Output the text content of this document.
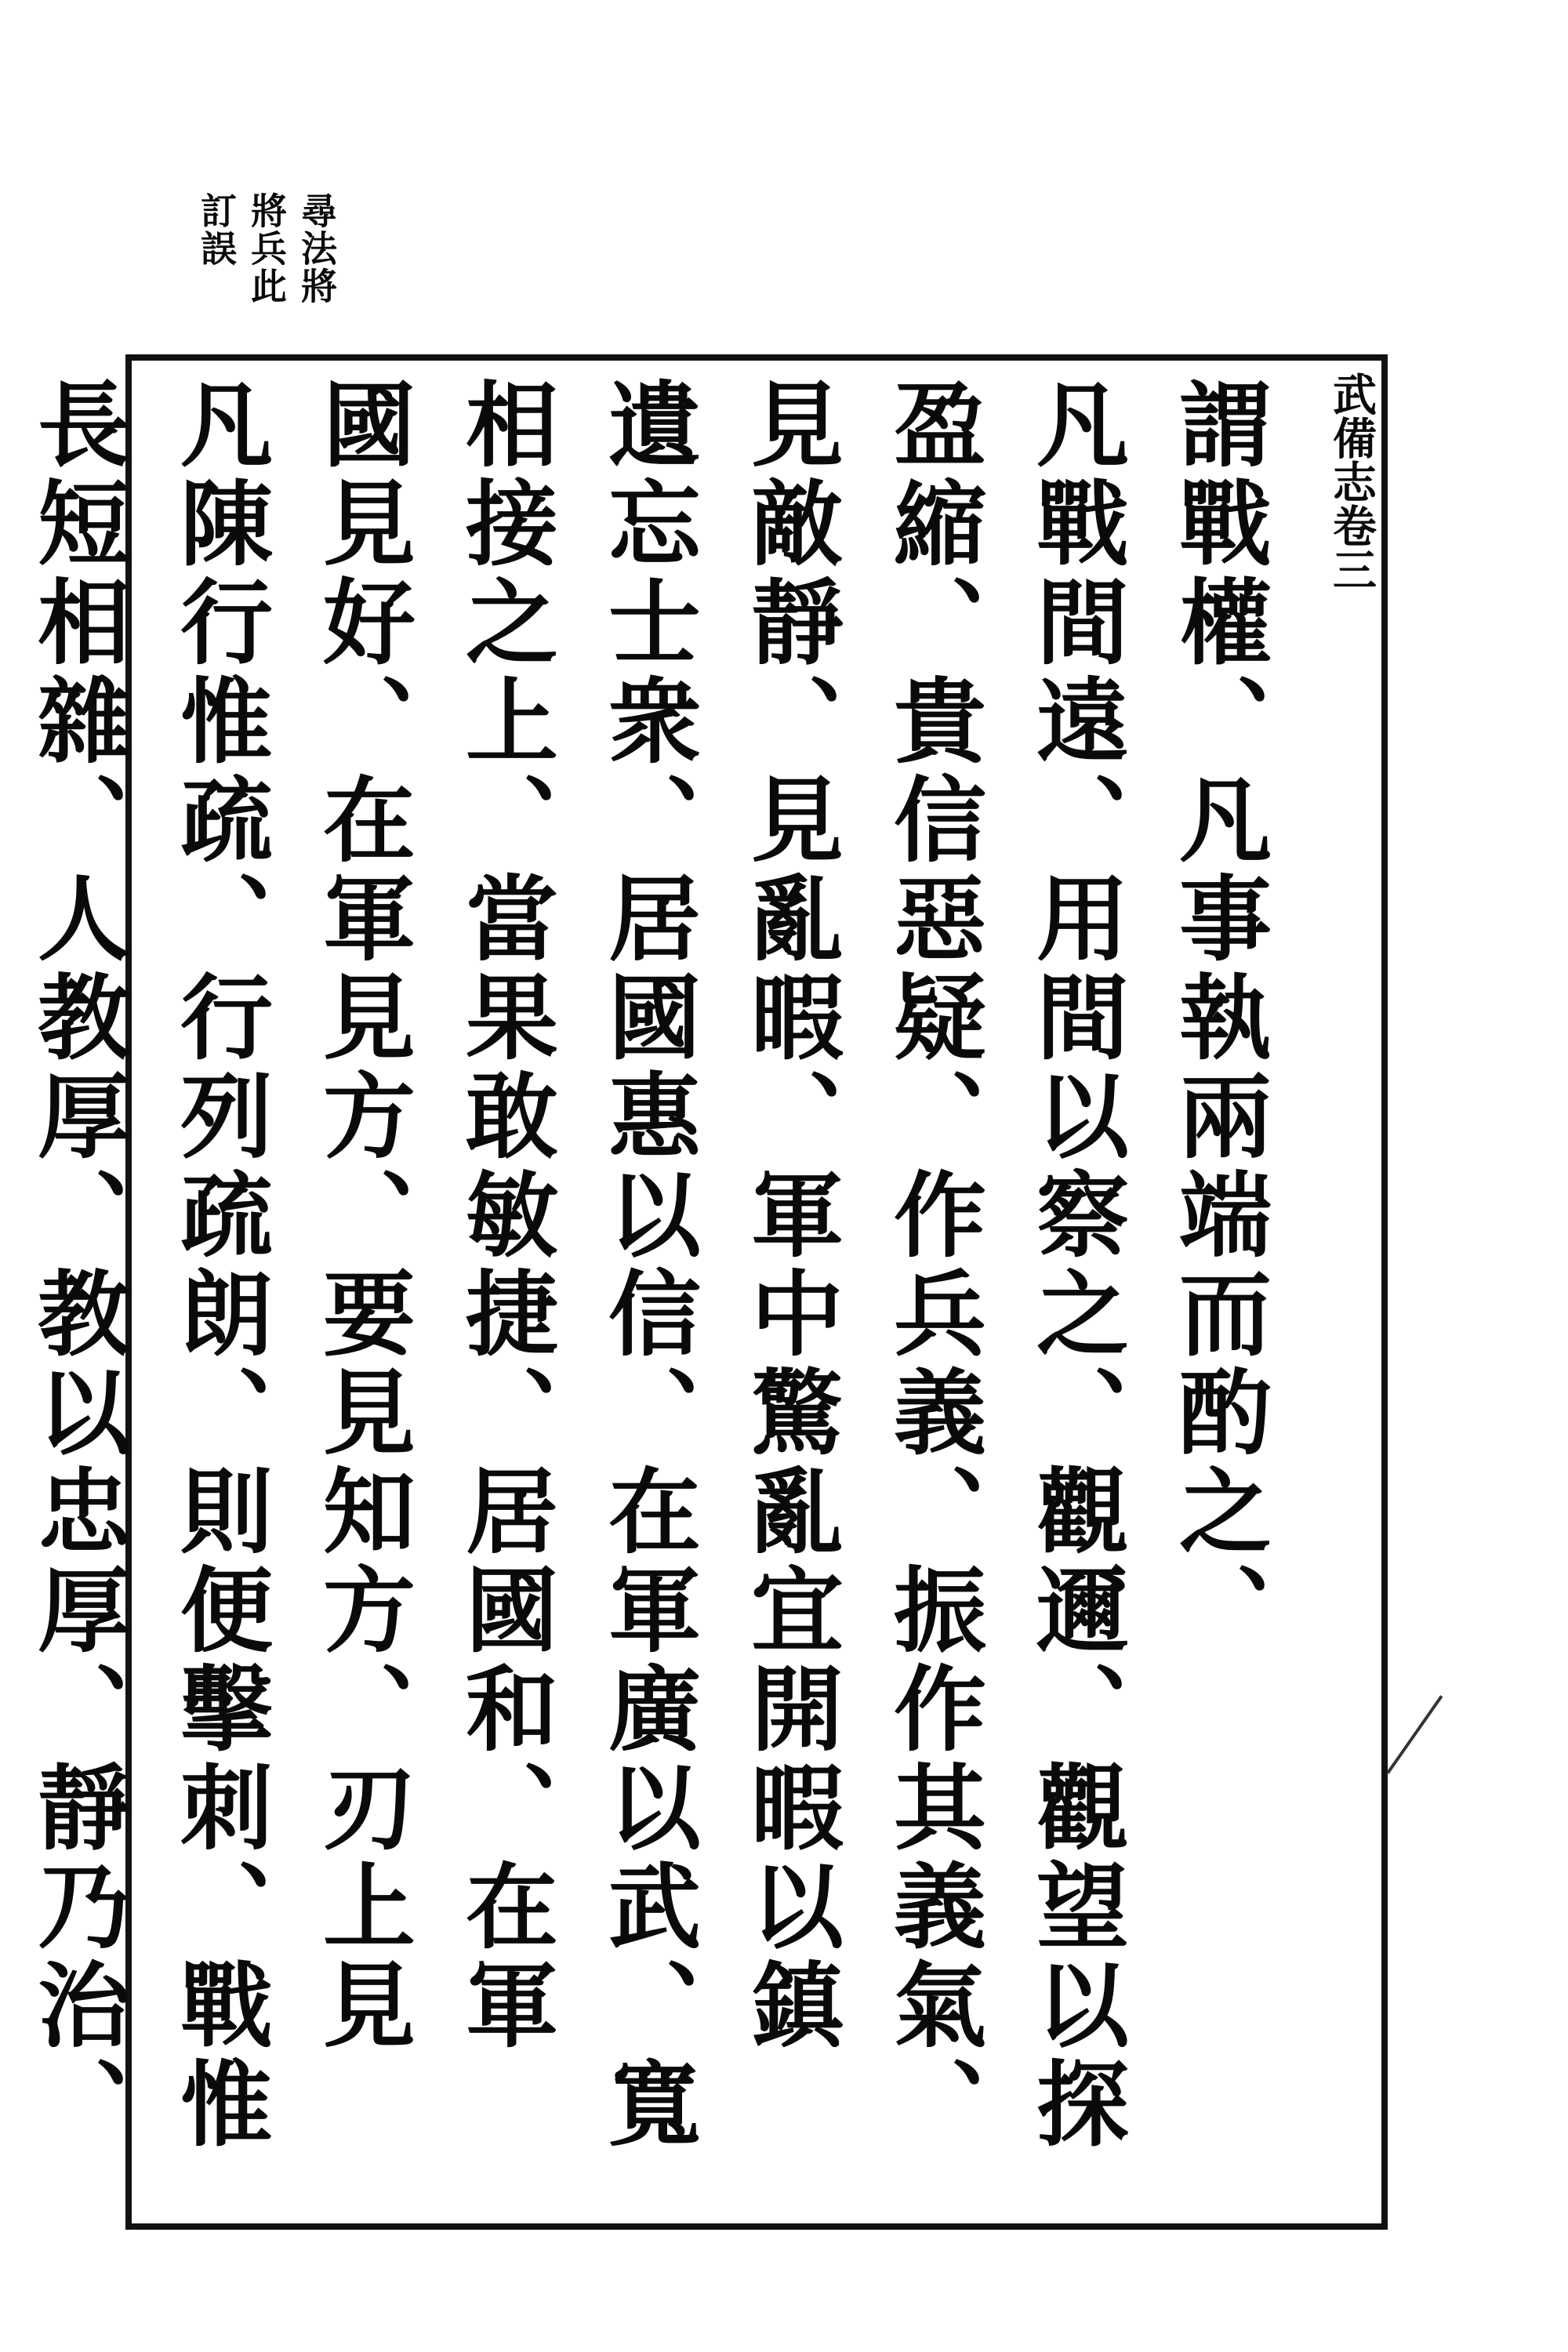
尋法將
將兵此
訂誤
武備志卷三
謂戰權、凡事執兩端而酌之、
凡戰間遠、用間以察之、觀邇、觀望以探
盈縮、貴信惡疑、作兵義、振作其義氣、
見敵靜、見亂暇、軍中驚亂宜開暇以鎮
遺忘士衆、居國惠以信、在軍廣以武、寬
相接之上、當果敢敏捷、居國和、在軍
國見好、在軍見方、要見知方、刃上見
凡陳行惟疏、行列疏朗、則便擊刺、戰惟
長短相雜、人教厚、教以忠厚、靜乃治、
